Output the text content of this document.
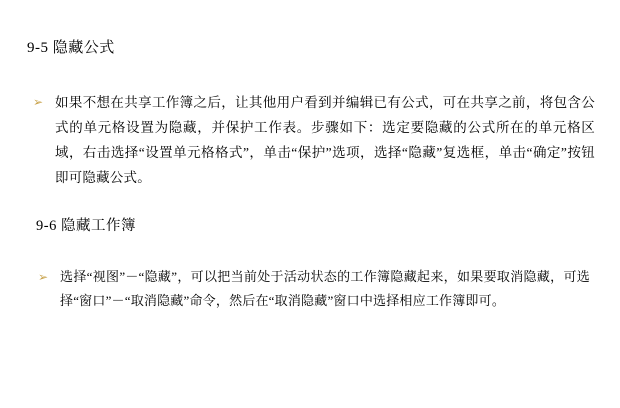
9-5 隐藏公式
➢ 如果不想在共享工作簿之后，让其他用户看到并编辑已有公式，可在共享之前，将包含公式的单元格设置为隐藏，并保护工作表。步骤如下：选定要隐藏的公式所在的单元格区域，右击选择“设置单元格格式”，单击“保护”选项，选择“隐藏”复选框，单击“确定”按钮即可隐藏公式。
9-6 隐藏工作簿
➢ 选择“视图”－“隐藏”，可以把当前处于活动状态的工作簿隐藏起来，如果要取消隐藏，可选择“窗口”－“取消隐藏”命令，然后在“取消隐藏”窗口中选择相应工作簿即可。
